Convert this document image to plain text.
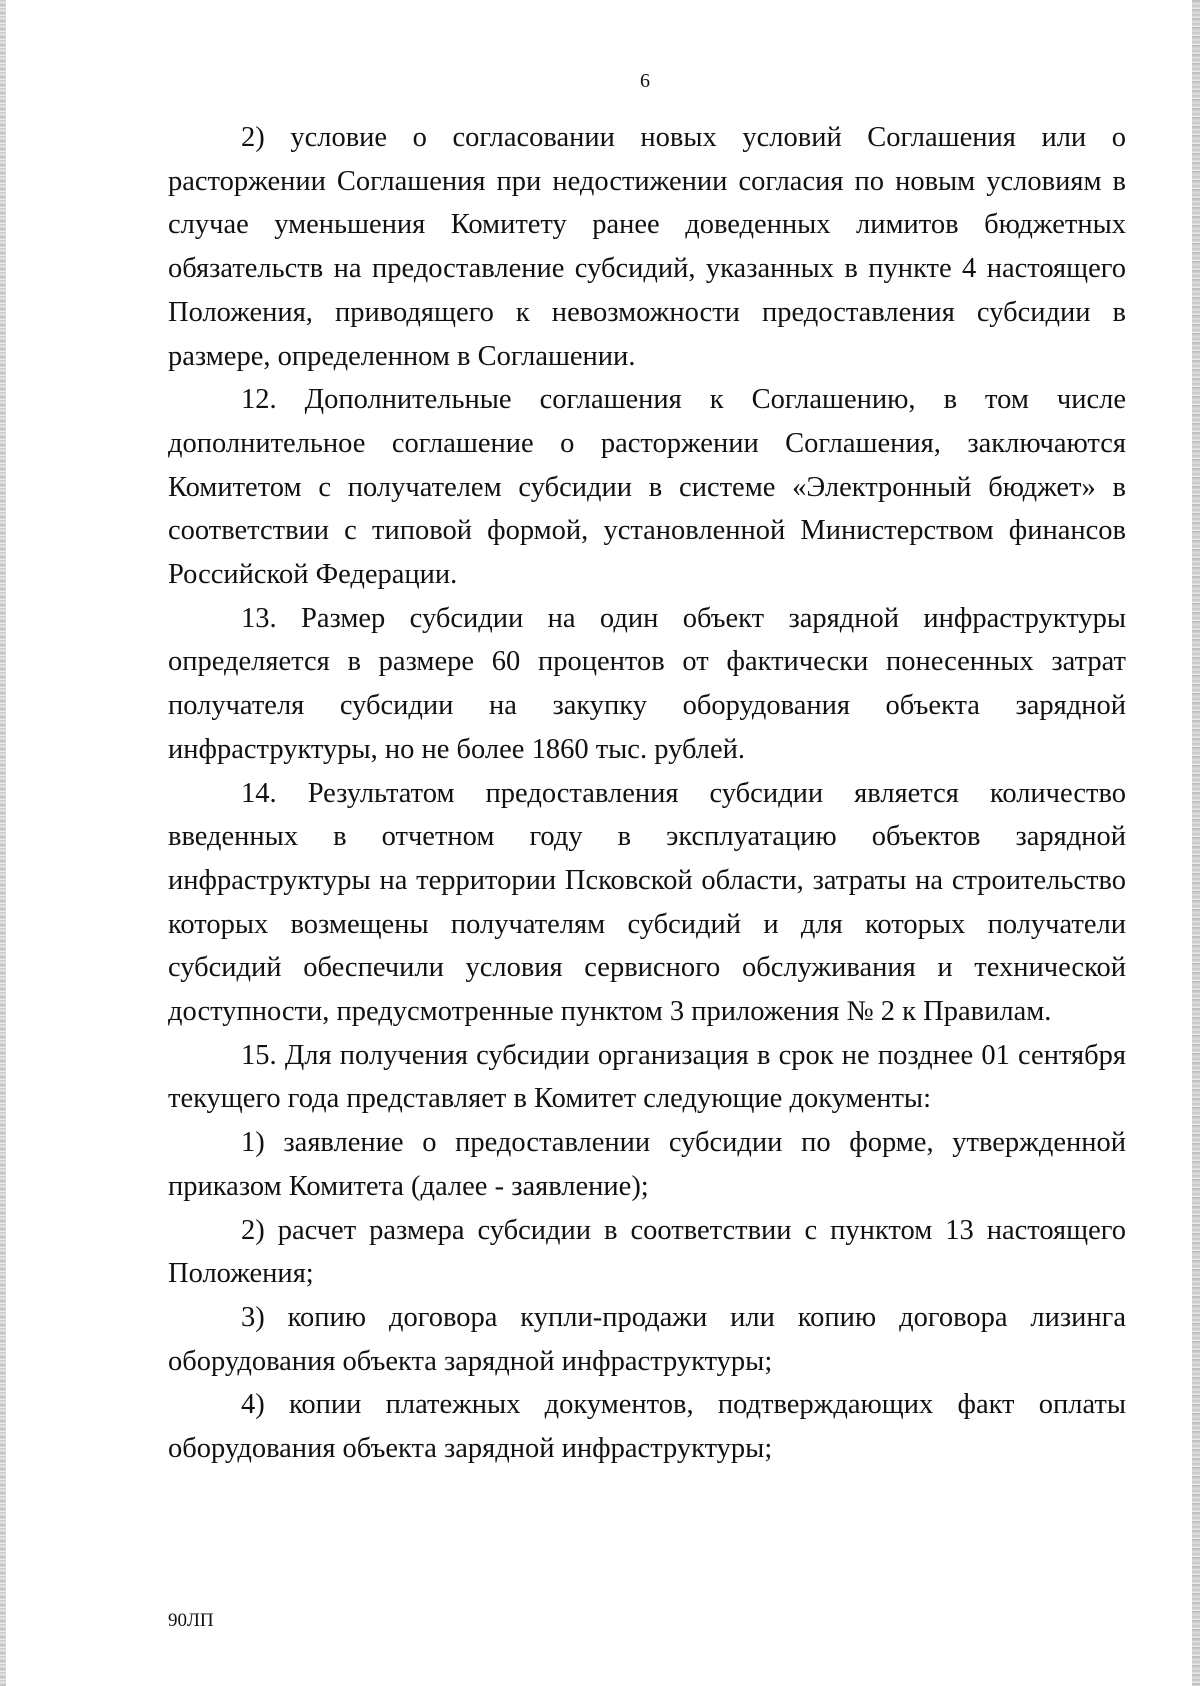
6

2) условие о согласовании новых условий Соглашения или о расторжении Соглашения при недостижении согласия по новым условиям в случае уменьшения Комитету ранее доведенных лимитов бюджетных обязательств на предоставление субсидий, указанных в пункте 4 настоящего Положения, приводящего к невозможности предоставления субсидии в размере, определенном в Соглашении.

12. Дополнительные соглашения к Соглашению, в том числе дополнительное соглашение о расторжении Соглашения, заключаются Комитетом с получателем субсидии в системе «Электронный бюджет» в соответствии с типовой формой, установленной Министерством финансов Российской Федерации.

13. Размер субсидии на один объект зарядной инфраструктуры определяется в размере 60 процентов от фактически понесенных затрат получателя субсидии на закупку оборудования объекта зарядной инфраструктуры, но не более 1860 тыс. рублей.

14. Результатом предоставления субсидии является количество введенных в отчетном году в эксплуатацию объектов зарядной инфраструктуры на территории Псковской области, затраты на строительство которых возмещены получателям субсидий и для которых получатели субсидий обеспечили условия сервисного обслуживания и технической доступности, предусмотренные пунктом 3 приложения № 2 к Правилам.

15. Для получения субсидии организация в срок не позднее 01 сентября текущего года представляет в Комитет следующие документы:

1) заявление о предоставлении субсидии по форме, утвержденной приказом Комитета (далее - заявление);

2) расчет размера субсидии в соответствии с пунктом 13 настоящего Положения;

3) копию договора купли-продажи или копию договора лизинга оборудования объекта зарядной инфраструктуры;

4) копии платежных документов, подтверждающих факт оплаты оборудования объекта зарядной инфраструктуры;

90ЛП
